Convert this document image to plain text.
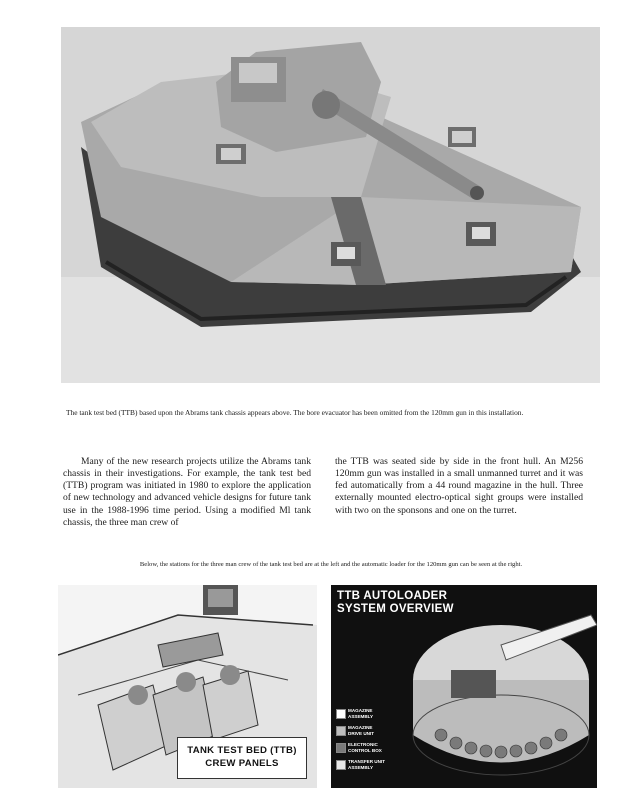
The tank test bed (TTB) based upon the Abrams tank chassis appears above. The bore evacuator has been omitted from the 120mm gun in this installation.

Many of the new research projects utilize the Abrams tank chassis in their investigations. For example, the tank test bed (TTB) program was initiated in 1980 to explore the application of new technology and advanced vehicle designs for future tank use in the 1988-1996 time period. Using a modified Ml tank chassis, the three man crew of

the TTB was seated side by side in the front hull. An M256 120mm gun was installed in a small unmanned turret and it was fed automatically from a 44 round magazine in the hull. Three externally mounted electro-optical sight groups were installed with two on the sponsons and one on the turret.

Below, the stations for the three man crew of the tank test bed are at the left and the automatic loader for the 120mm gun can be seen at the right.

TANK TEST BED (TTB)
CREW PANELS
TTB AUTOLOADER
SYSTEM OVERVIEW
MAGAZINE
ASSEMBLY
MAGAZINE
DRIVE UNIT
ELECTRONIC
CONTROL BOX
TRANSFER UNIT
ASSEMBLY
